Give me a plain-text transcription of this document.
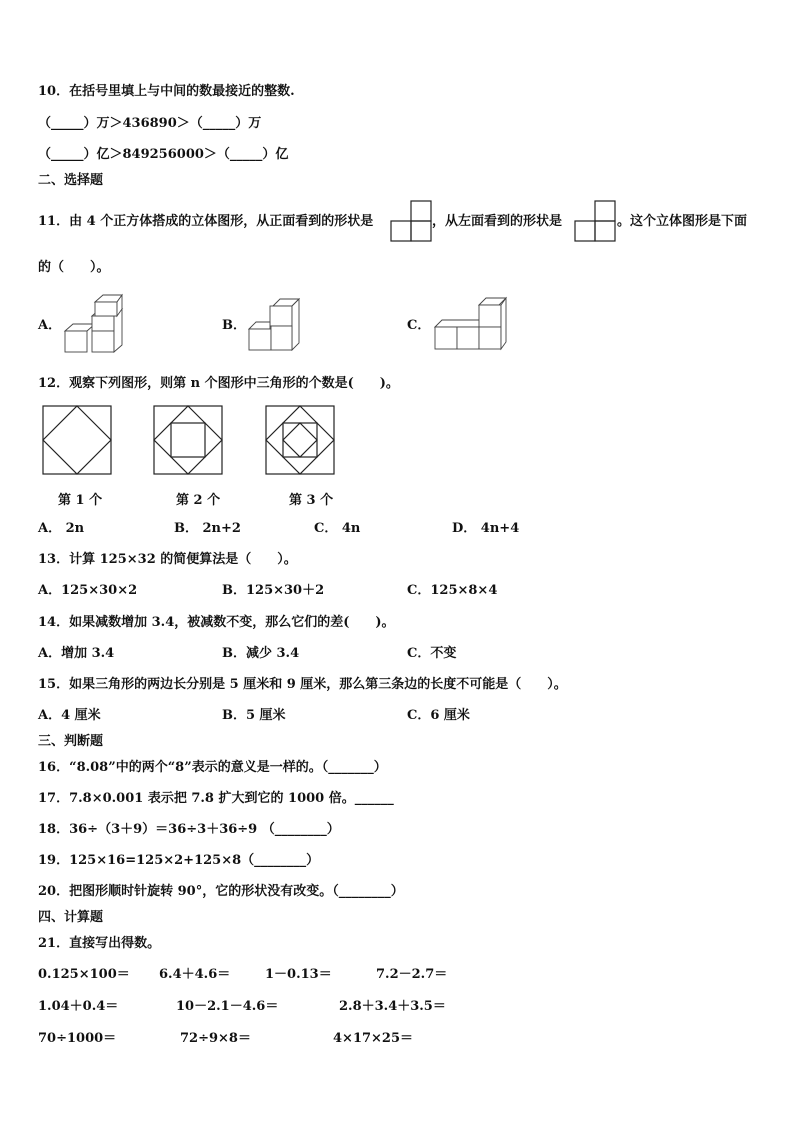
10．在括号里填上与中间的数最接近的整数.
（_____）万＞436890＞（_____）万
（_____）亿＞849256000＞（_____）亿
二、选择题
11．由 4 个正方体搭成的立体图形，从正面看到的形状是	，从左面看到的形状是	。这个立体图形是下面
的（　　）。
A．	B．	C．
12．观察下列图形，则第 n 个图形中三角形的个数是(　　)。
第 1 个	第 2 个	第 3 个
A． 2n	B． 2n+2	C． 4n	D． 4n+4
13．计算 125×32 的简便算法是（　　）。
A．125×30×2	B．125×30＋2	C．125×8×4
14．如果减数增加 3.4，被减数不变，那么它们的差(　　)。
A．增加 3.4	B．减少 3.4	C．不变
15．如果三角形的两边长分别是 5 厘米和 9 厘米，那么第三条边的长度不可能是（　　）。
A．4 厘米	B．5 厘米	C．6 厘米
三、判断题
16．“8.08”中的两个“8”表示的意义是一样的。（_______）
17．7.8×0.001 表示把 7.8 扩大到它的 1000 倍。______
18．36÷（3＋9）＝36÷3＋36÷9 （________）
19．125×16=125×2+125×8（________）
20．把图形顺时针旋转 90°，它的形状没有改变。（________）
四、计算题
21．直接写出得数。
0.125×100＝ 6.4＋4.6＝	1－0.13＝	7.2－2.7＝
1.04＋0.4＝	10－2.1－4.6＝	2.8＋3.4＋3.5＝
70÷1000＝	72÷9×8＝	4×17×25＝
